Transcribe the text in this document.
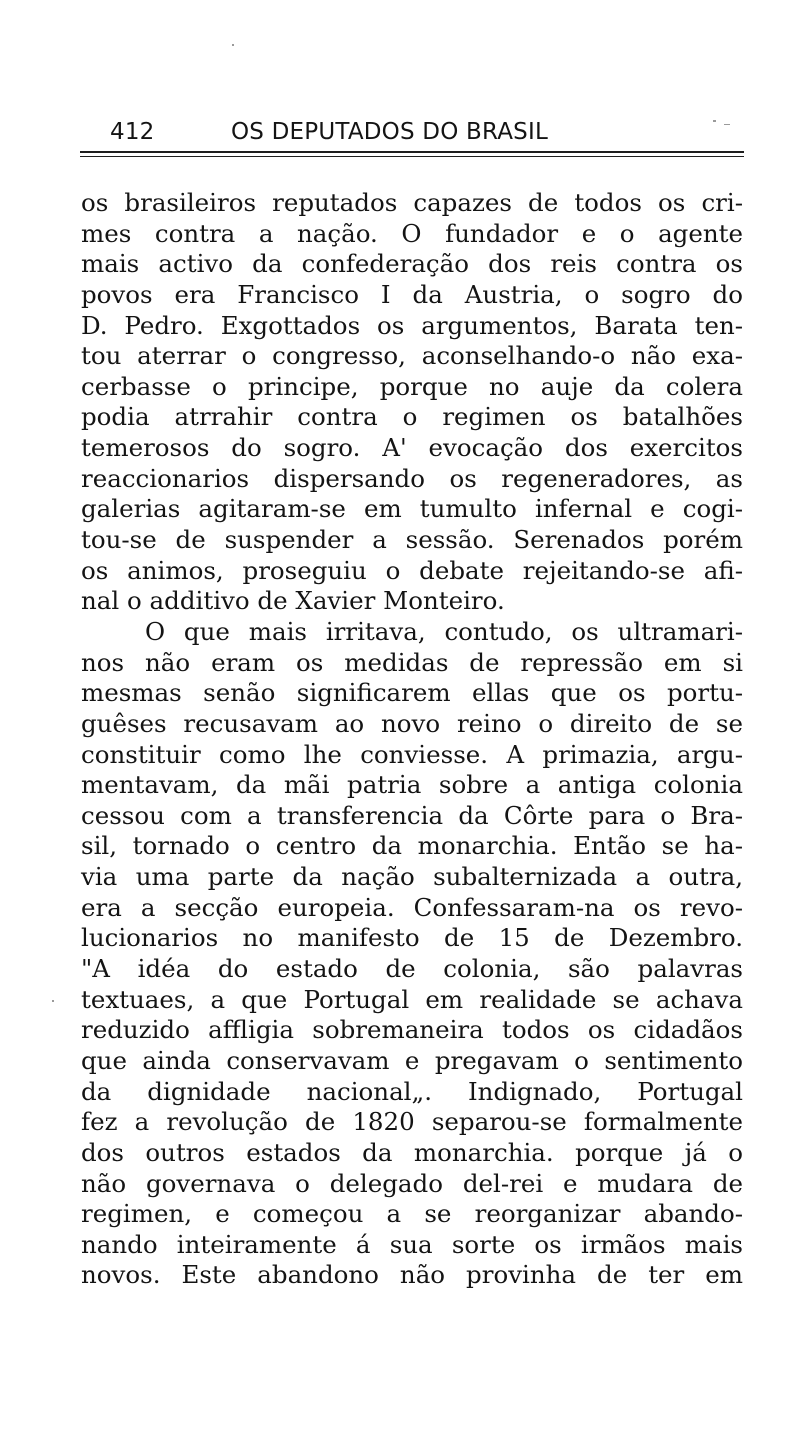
412	OS DEPUTADOS DO BRASIL
os brasileiros reputados capazes de todos os cri-
mes contra a nação. O fundador e o agente
mais activo da confederação dos reis contra os
povos era Francisco I da Austria, o sogro do
D. Pedro. Exgottados os argumentos, Barata ten-
tou aterrar o congresso, aconselhando-o não exa-
cerbasse o principe, porque no auje da colera
podia atrrahir contra o regimen os batalhões
temerosos do sogro. A' evocação dos exercitos
reaccionarios dispersando os regeneradores, as
galerias agitaram-se em tumulto infernal e cogi-
tou-se de suspender a sessão. Serenados porém
os animos, proseguiu o debate rejeitando-se afi-
nal o additivo de Xavier Monteiro.
O que mais irritava, contudo, os ultramari-
nos não eram os medidas de repressão em si
mesmas senão significarem ellas que os portu-
guêses recusavam ao novo reino o direito de se
constituir como lhe conviesse. A primazia, argu-
mentavam, da mãi patria sobre a antiga colonia
cessou com a transferencia da Côrte para o Bra-
sil, tornado o centro da monarchia. Então se ha-
via uma parte da nação subalternizada a outra,
era a secção europeia. Confessaram-na os revo-
lucionarios no manifesto de 15 de Dezembro.
"A idéa do estado de colonia, são palavras
textuaes, a que Portugal em realidade se achava
reduzido affligia sobremaneira todos os cidadãos
que ainda conservavam e pregavam o sentimento
da dignidade nacional„. Indignado, Portugal
fez a revolução de 1820 separou-se formalmente
dos outros estados da monarchia. porque já o
não governava o delegado del-rei e mudara de
regimen, e começou a se reorganizar abando-
nando inteiramente á sua sorte os irmãos mais
novos. Este abandono não provinha de ter em
